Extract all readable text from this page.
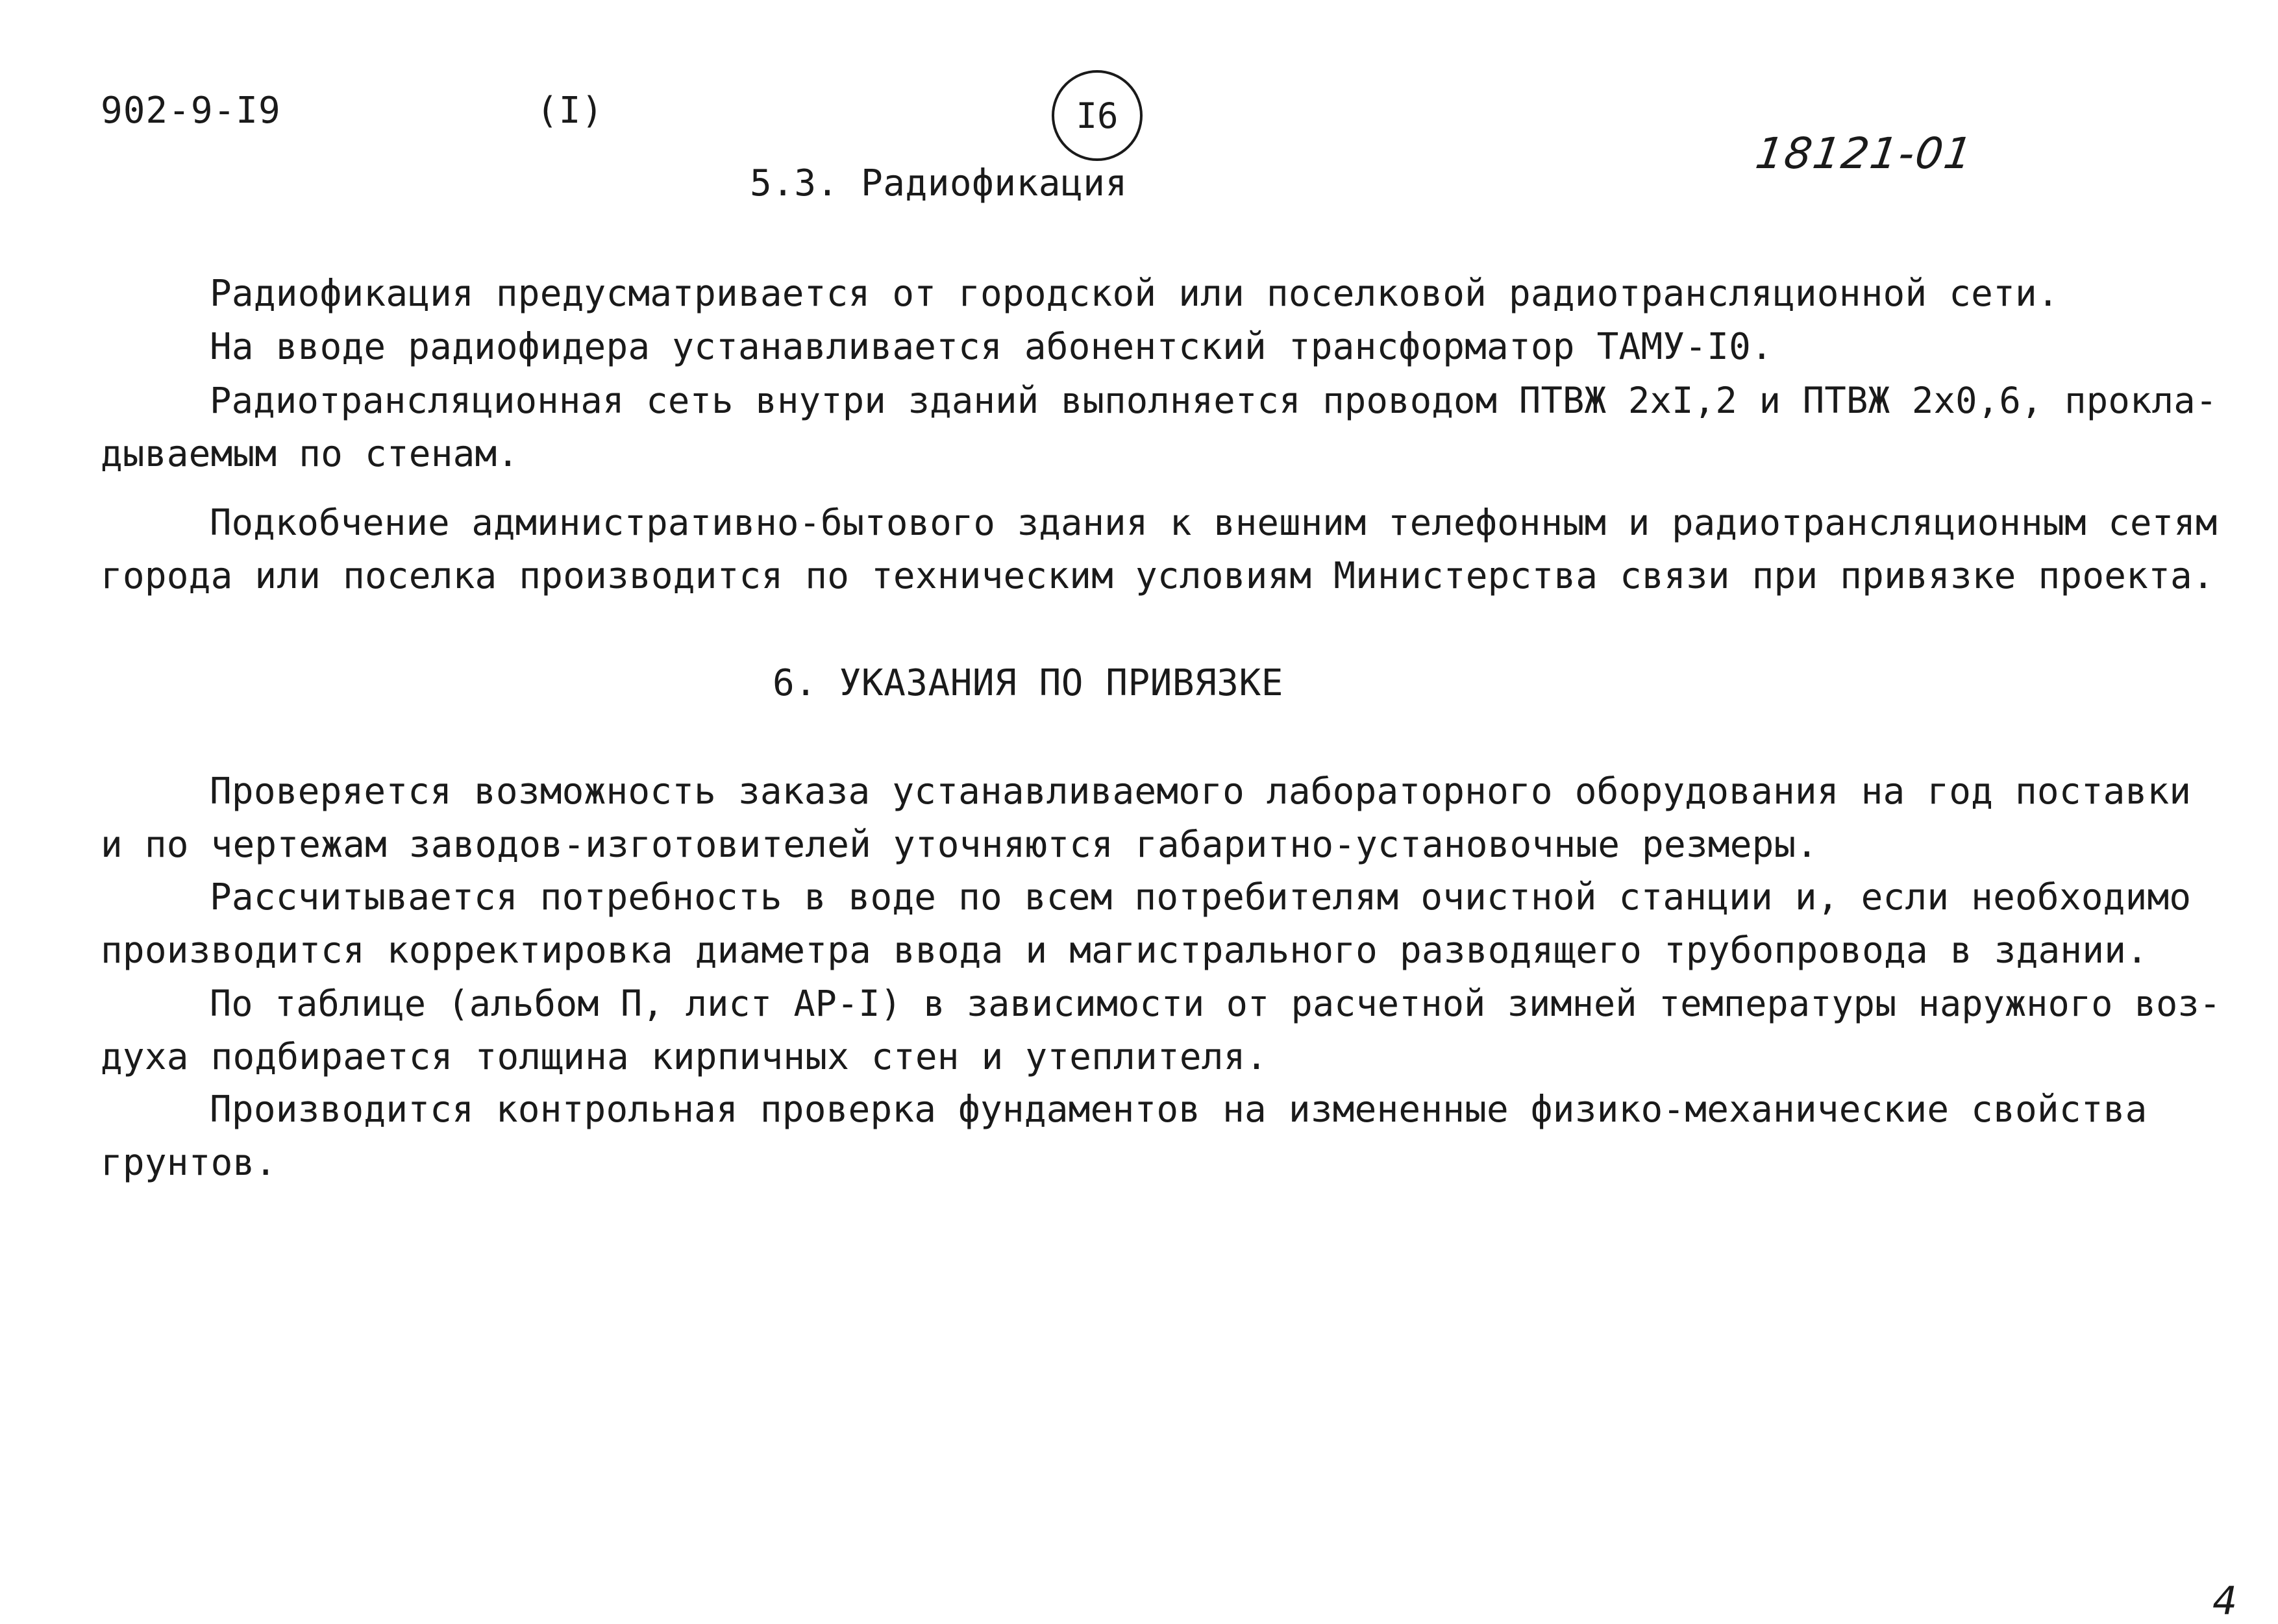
902-9-I9	(I)	I6
18121-01
5.3. Радиофикация
Радиофикация предусматривается от городской или поселковой радиотрансляционной сети.
На вводе радиофидера устанавливается абонентский трансформатор ТАМУ-I0.
Радиотрансляционная сеть внутри зданий выполняется проводом ПТВЖ 2хI,2 и ПТВЖ 2х0,6, прокла-
дываемым по стенам.
Подкобчение административно-бытового здания к внешним телефонным и радиотрансляционным сетям
города или поселка производится по техническим условиям Министерства связи при привязке проекта.
6. УКАЗАНИЯ ПО ПРИВЯЗКЕ
Проверяется возможность заказа устанавливаемого лабораторного оборудования на год поставки
и по чертежам заводов-изготовителей уточняются габаритно-установочные резмеры.
Рассчитывается потребность в воде по всем потребителям очистной станции и, если необходимо
производится корректировка диаметра ввода и магистрального разводящего трубопровода в здании.
По таблице (альбом П, лист АР-I) в зависимости от расчетной зимней температуры наружного воз-
духа подбирается толщина кирпичных стен и утеплителя.
Производится контрольная проверка фундаментов на измененные физико-механические свойства
грунтов.
4
